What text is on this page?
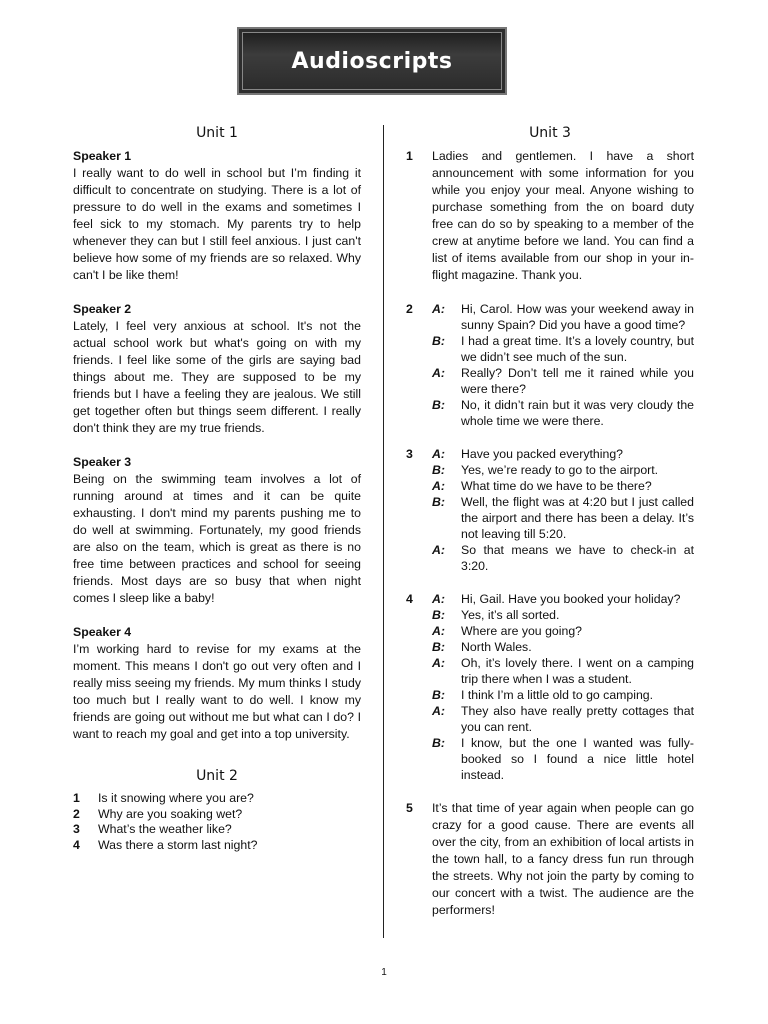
Audioscripts
Unit 1
Speaker 1

I really want to do well in school but I’m finding it difficult to concentrate on studying. There is a lot of pressure to do well in the exams and sometimes I feel sick to my stomach. My parents try to help whenever they can but I still feel anxious. I just can't believe how some of my friends are so relaxed. Why can't I be like them!

Speaker 2

Lately, I feel very anxious at school. It's not the actual school work but what's going on with my friends. I feel like some of the girls are saying bad things about me. They are supposed to be my friends but I have a feeling they are jealous. We still get together often but things seem different. I really don't think they are my true friends.

Speaker 3

Being on the swimming team involves a lot of running around at times and it can be quite exhausting. I don't mind my parents pushing me to do well at swimming. Fortunately, my good friends are also on the team, which is great as there is no free time between practices and school for seeing friends. Most days are so busy that when night comes I sleep like a baby!

Speaker 4

I’m working hard to revise for my exams at the moment. This means I don't go out very often and I really miss seeing my friends. My mum thinks I study too much but I really want to do well. I know my friends are going out without me but what can I do? I want to reach my goal and get into a top university.

Unit 2
1	Is it snowing where you are?
2	Why are you soaking wet?
3	What’s the weather like?
4	Was there a storm last night?
Unit 3
1	Ladies and gentlemen. I have a short announcement with some information for you while you enjoy your meal. Anyone wishing to purchase something from the on board duty free can do so by speaking to a member of the crew at anytime before we land. You can find a list of items available from our shop in your in-flight magazine. Thank you.

2	A:	Hi, Carol. How was your weekend away in sunny Spain? Did you have a good time?
B:	I had a great time. It’s a lovely country, but we didn’t see much of the sun.
A:	Really? Don’t tell me it rained while you were there?
B:	No, it didn’t rain but it was very cloudy the whole time we were there.
3	A:	Have you packed everything?
B:	Yes, we’re ready to go to the airport.
A:	What time do we have to be there?
B:	Well, the flight was at 4:20 but I just called the airport and there has been a delay. It’s not leaving till 5:20.
A:	So that means we have to check-in at 3:20.
4	A:	Hi, Gail. Have you booked your holiday?
B:	Yes, it’s all sorted.
A:	Where are you going?
B:	North Wales.
A:	Oh, it’s lovely there. I went on a camping trip there when I was a student.
B:	I think I’m a little old to go camping.
A:	They also have really pretty cottages that you can rent.
B:	I know, but the one I wanted was fully-booked so I found a nice little hotel instead.
5	It’s that time of year again when people can go crazy for a good cause. There are events all over the city, from an exhibition of local artists in the town hall, to a fancy dress fun run through the streets. Why not join the party by coming to our concert with a twist. The audience are the performers!

1
